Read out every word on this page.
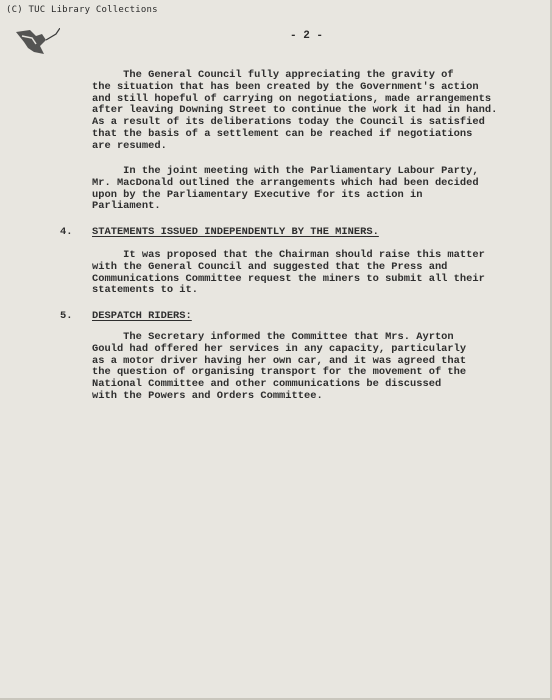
(C) TUC Library Collections
- 2 -

The General Council fully appreciating the gravity of
the situation that has been created by the Government's action
and still hopeful of carrying on negotiations, made arrangements
after leaving Downing Street to continue the work it had in hand.
As a result of its deliberations today the Council is satisfied
that the basis of a settlement can be reached if negotiations
are resumed.

In the joint meeting with the Parliamentary Labour Party,
Mr. MacDonald outlined the arrangements which had been decided
upon by the Parliamentary Executive for its action in
Parliament.

4. STATEMENTS ISSUED INDEPENDENTLY BY THE MINERS.

It was proposed that the Chairman should raise this matter
with the General Council and suggested that the Press and
Communications Committee request the miners to submit all their
statements to it.

5. DESPATCH RIDERS:

The Secretary informed the Committee that Mrs. Ayrton
Gould had offered her services in any capacity, particularly
as a motor driver having her own car, and it was agreed that
the question of organising transport for the movement of the
National Committee and other communications be discussed
with the Powers and Orders Committee.
